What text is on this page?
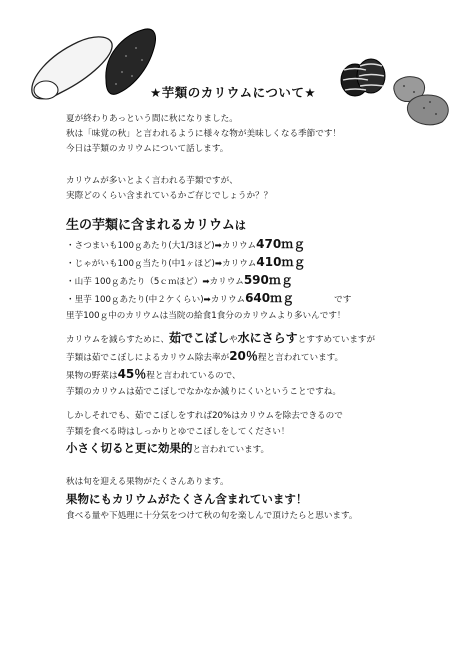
★芋類のカリウムについて★
夏が終わりあっという間に秋になりました。
秋は「味覚の秋」と言われるように様々な物が美味しくなる季節です！
今日は芋類のカリウムについて話します。
カリウムが多いとよく言われる芋類ですが、
実際どのくらい含まれているかご存じでしょうか？？
生の芋類に含まれるカリウムは
・さつまいも100ｇあたり(大1/3ほど)➡カリウム470ｍｇ
・じゃがいも100ｇ当たり(中1ヶほど)➡カリウム410ｍｇ
・山芋 100ｇあたり（5ｃｍほど）➡カリウム590ｍｇ
・里芋 100ｇあたり(中２ケくらい)➡カリウム640ｍｇ	です
里芋100ｇ中のカリウムは当院の給食1食分のカリウムより多いんです！
カリウムを減らすために、茹でこぼしや水にさらすとすすめていますが
芋類は茹でこぼしによるカリウム除去率が20％程と言われています。
果物の野菜は45％程と言われているので、
芋類のカリウムは茹でこぼしでなかなか減りにくいということですね。
しかしそれでも、茹でこぼしをすれば20%はカリウムを除去できるので
芋類を食べる時はしっかりとゆでこぼしをしてください！
小さく切ると更に効果的と言われています。
秋は旬を迎える果物がたくさんあります。
果物にもカリウムがたくさん含まれています！
食べる量や下処理に十分気をつけて秋の旬を楽しんで頂けたらと思います。
